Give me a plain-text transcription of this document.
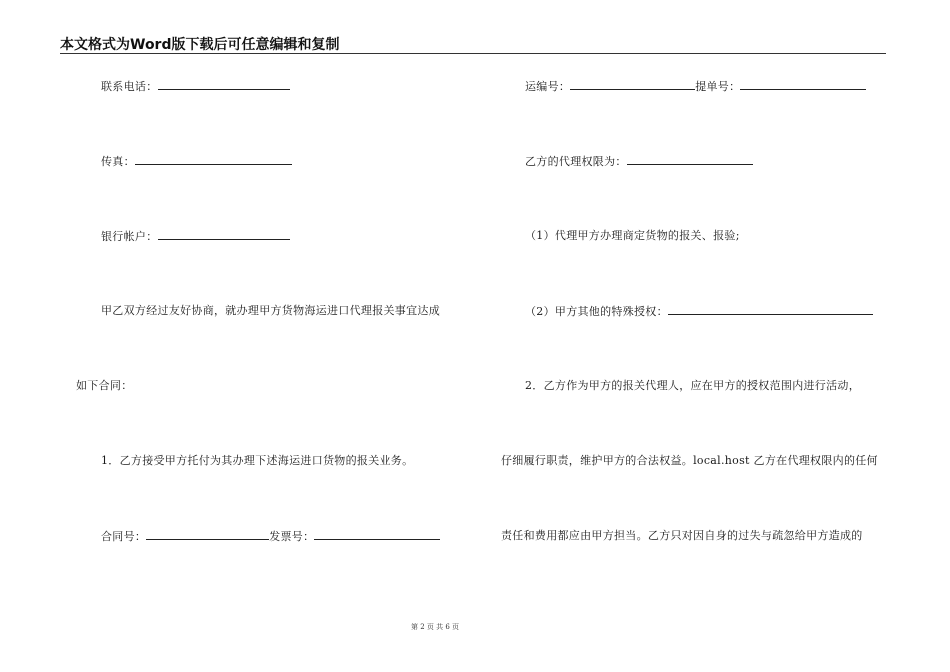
本文格式为Word版下载后可任意编辑和复制
联系电话：
传真：
银行帐户：
甲乙双方经过友好协商，就办理甲方货物海运进口代理报关事宜达成
如下合同：
1．乙方接受甲方托付为其办理下述海运进口货物的报关业务。
合同号：	发票号：
运编号：	提单号：
乙方的代理权限为：
（1）代理甲方办理商定货物的报关、报验;
（2）甲方其他的特殊授权：
2．乙方作为甲方的报关代理人，应在甲方的授权范围内进行活动，
仔细履行职责，维护甲方的合法权益。local.host 乙方在代理权限内的任何
责任和费用都应由甲方担当。乙方只对因自身的过失与疏忽给甲方造成的
第 2 页 共 6 页
